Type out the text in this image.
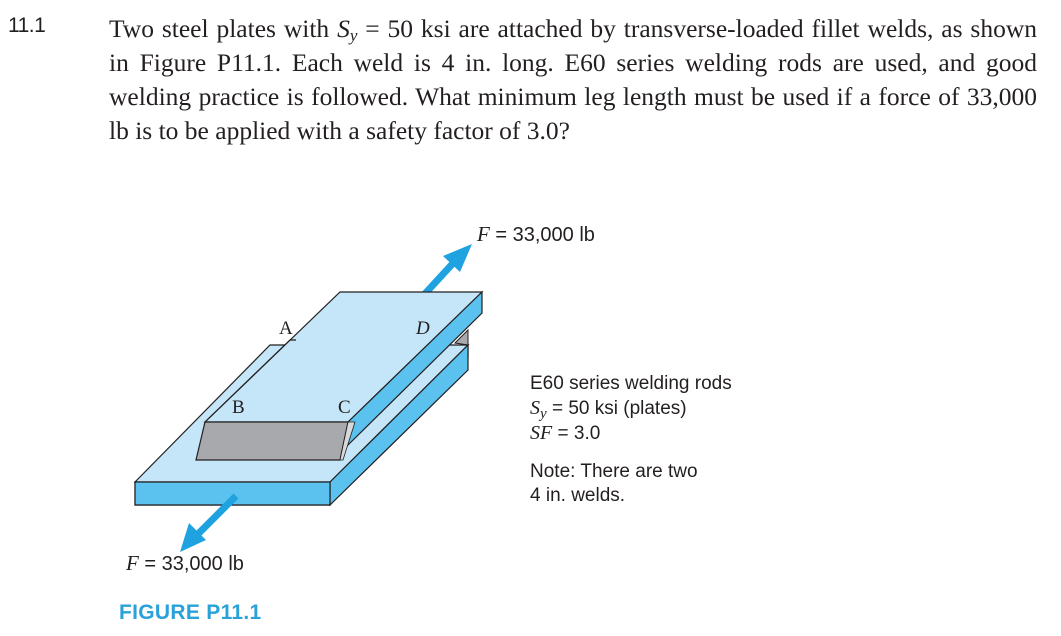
11.1 Two steel plates with $S_y = 50$ ksi are attached by transverse-loaded fillet welds, as shown in Figure P11.1. Each weld is 4 in. long. E60 series welding rods are used, and good welding practice is followed. What minimum leg length must be used if a force of 33,000 lb is to be applied with a safety factor of 3.0?

F = 33,000 lb
F = 33,000 lb
A
B	C
D
E60 series welding rods
$S_y = 50$ ksi (plates)
SF = 3.0
Note: There are two
4 in. welds.
FIGURE P11.1
